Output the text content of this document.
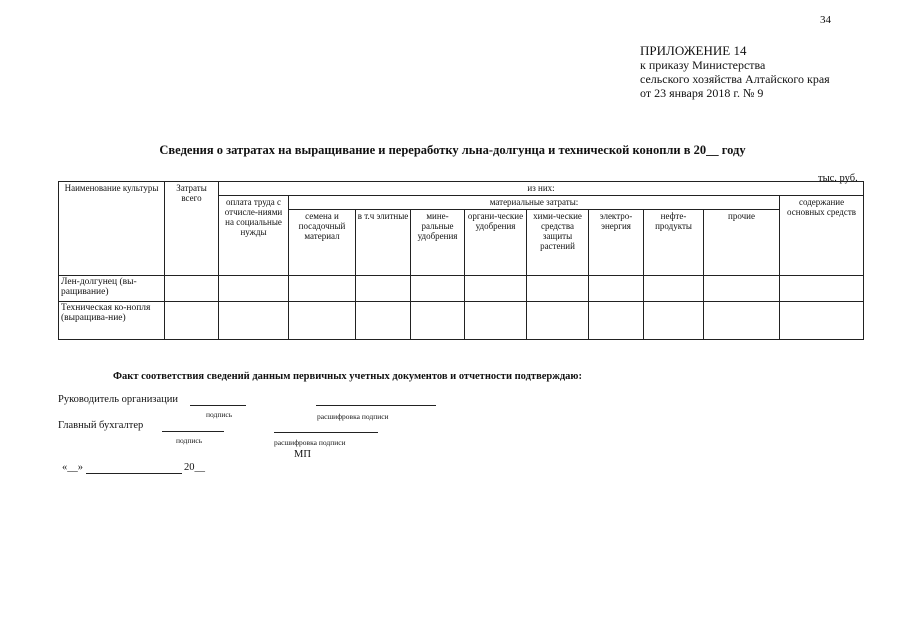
34
ПРИЛОЖЕНИЕ 14
к приказу Министерства
сельского хозяйства Алтайского края
от 23 января 2018 г. № 9
Сведения о затратах на выращивание и переработку льна-долгунца и технической конопли в 20__ году
тыс. руб.
Наименование культуры	Затраты всего	из них:									
		оплата труда с отчисле-ниями на социальные нужды	материальные затраты:								содержание основных средств
			семена и посадочный материал	в т.ч элитные	мине-ральные удобрения	органи-ческие удобрения	хими-ческие средства защиты растений	электро-энергия	нефте-продукты	прочие	
Лен-долгунец (вы-ращивание)											
Техническая ко-нопля (выращива-ние)											
Факт соответствия сведений данным первичных учетных документов и отчетности подтверждаю:
Руководитель организации
подпись	расшифровка подписи
Главный бухгалтер
подпись	расшифровка подписи
МП
«__»	20__
